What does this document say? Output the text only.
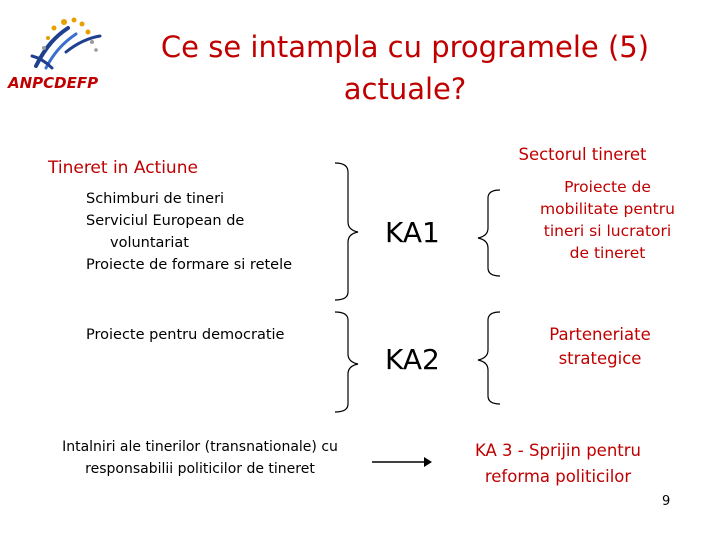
ANPCDEFP
Ce se intampla cu programele (5)
actuale?
Tineret in Actiune
Schimburi de tineri
Serviciul European de
voluntariat
Proiecte de formare si retele
Proiecte pentru democratie
KA1
KA2
Sectorul tineret
Proiecte de
mobilitate pentru
tineri si lucratori
de tineret
Parteneriate
strategice
Intalniri ale tinerilor (transnationale) cu
responsabilii politicilor de tineret
KA 3 - Sprijin pentru
reforma politicilor
9
